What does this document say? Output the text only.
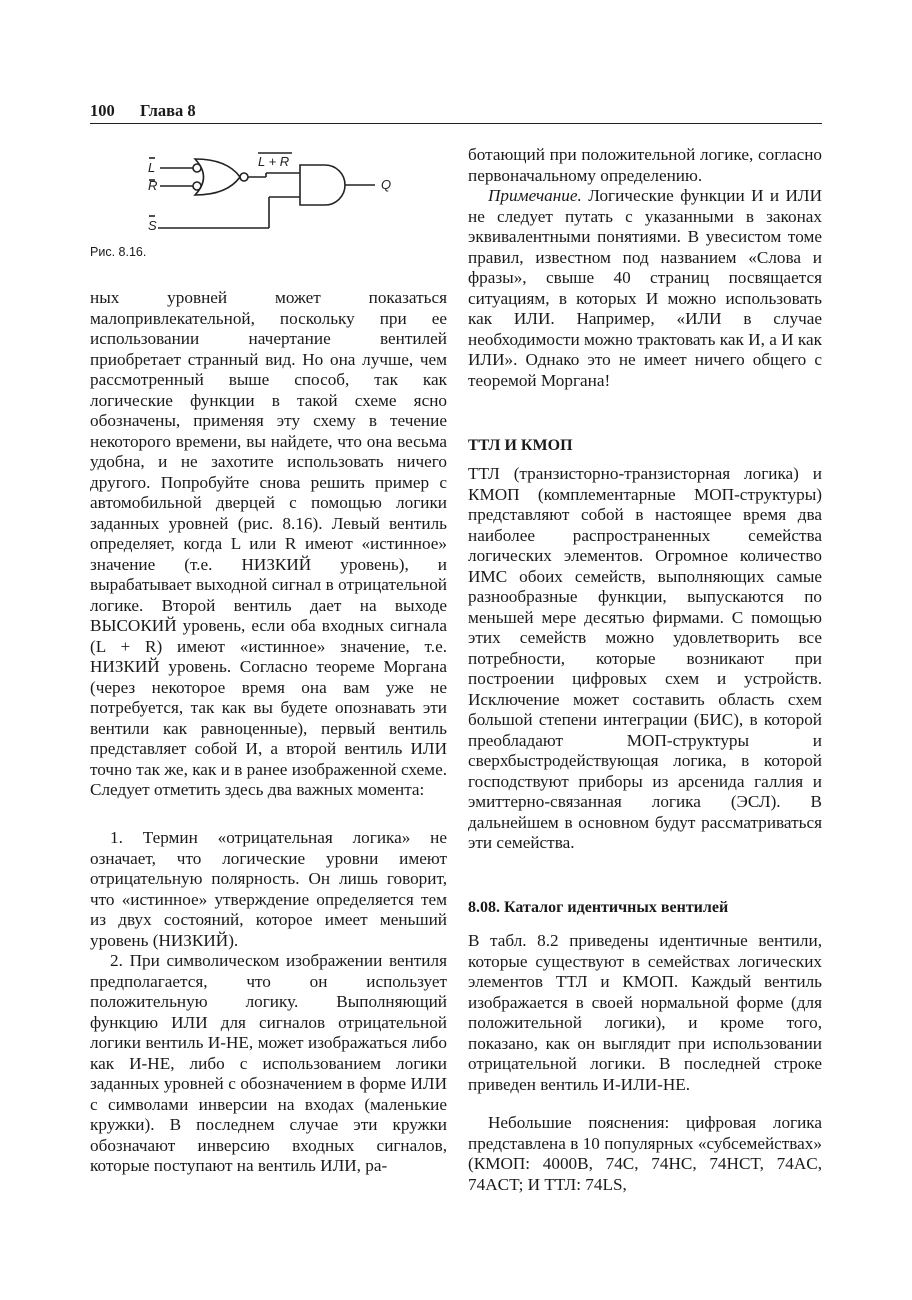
100 Глава 8
L
R
S
L + R
Q
Рис. 8.16.

ных уровней может показаться малопривлекательной, поскольку при ее использовании начертание вентилей приобретает странный вид. Но она лучше, чем рассмотренный выше способ, так как логические функции в такой схеме ясно обозначены, применяя эту схему в течение некоторого времени, вы найдете, что она весьма удобна, и не захотите использовать ничего другого. Попробуйте снова решить пример с автомобильной дверцей с помощью логики заданных уровней (рис. 8.16). Левый вентиль определяет, когда L или R имеют «истинное» значение (т.е. НИЗКИЙ уровень), и вырабатывает выходной сигнал в отрицательной логике. Второй вентиль дает на выходе ВЫСОКИЙ уровень, если оба входных сигнала (L + R) имеют «истинное» значение, т.е. НИЗКИЙ уровень. Согласно теореме Моргана (через некоторое время она вам уже не потребуется, так как вы будете опознавать эти вентили как равноценные), первый вентиль представляет собой И, а второй вентиль ИЛИ точно так же, как и в ранее изображенной схеме. Следует отметить здесь два важных момента:

1. Термин «отрицательная логика» не означает, что логические уровни имеют отрицательную полярность. Он лишь говорит, что «истинное» утверждение определяется тем из двух состояний, которое имеет меньший уровень (НИЗКИЙ).

2. При символическом изображении вентиля предполагается, что он использует положительную логику. Выполняющий функцию ИЛИ для сигналов отрицательной логики вентиль И-НЕ, может изображаться либо как И-НЕ, либо с использованием логики заданных уровней с обозначением в форме ИЛИ с символами инверсии на входах (маленькие кружки). В последнем случае эти кружки обозначают инверсию входных сигналов, которые поступают на вентиль ИЛИ, ра-

ботающий при положительной логике, согласно первоначальному определению.

Примечание. Логические функции И и ИЛИ не следует путать с указанными в законах эквивалентными понятиями. В увесистом томе правил, известном под названием «Слова и фразы», свыше 40 страниц посвящается ситуациям, в которых И можно использовать как ИЛИ. Например, «ИЛИ в случае необходимости можно трактовать как И, а И как ИЛИ». Однако это не имеет ничего общего с теоремой Моргана!

ТТЛ И КМОП

ТТЛ (транзисторно-транзисторная логика) и КМОП (комплементарные МОП-структуры) представляют собой в настоящее время два наиболее распространенных семейства логических элементов. Огромное количество ИМС обоих семейств, выполняющих самые разнообразные функции, выпускаются по меньшей мере десятью фирмами. С помощью этих семейств можно удовлетворить все потребности, которые возникают при построении цифровых схем и устройств. Исключение может составить область схем большой степени интеграции (БИС), в которой преобладают МОП-структуры и сверхбыстродействующая логика, в которой господствуют приборы из арсенида галлия и эмиттерно-связанная логика (ЭСЛ). В дальнейшем в основном будут рассматриваться эти семейства.

8.08. Каталог идентичных вентилей

В табл. 8.2 приведены идентичные вентили, которые существуют в семействах логических элементов ТТЛ и КМОП. Каждый вентиль изображается в своей нормальной форме (для положительной логики), и кроме того, показано, как он выглядит при использовании отрицательной логики. В последней строке приведен вентиль И-ИЛИ-НЕ.

Небольшие пояснения: цифровая логика представлена в 10 популярных «субсемействах» (КМОП: 4000B, 74C, 74HC, 74HCT, 74AC, 74ACT; И ТТЛ: 74LS,
